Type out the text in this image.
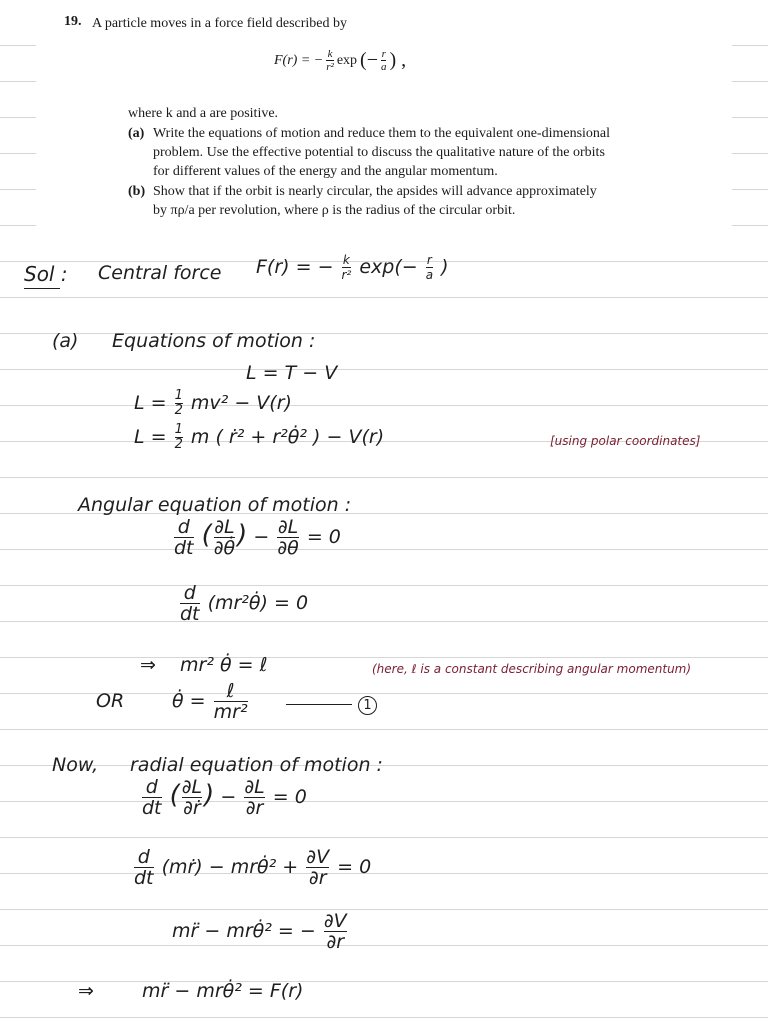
19. A particle moves in a force field described by
F(r) = − $\frac{k}{\text{r²}}$ exp (− $\frac{r}{a}$ ) ,
where k and a are positive.
(a) Write the equations of motion and reduce them to the equivalent one-dimensional
problem. Use the effective potential to discuss the qualitative nature of the orbits
for different values of the energy and the angular momentum.
(b) Show that if the orbit is nearly circular, the apsides will advance approximately
by πρ/a per revolution, where ρ is the radius of the circular orbit.
Sol : Central force F(r) = − $\frac{k}{\text{r²}} \exp(- \frac{r}{a}$ )
(a) Equations of motion :
L = T − V
$L = \frac{1}{2} mv^2 - V(r)$
$L = \frac{1}{2}$ m ( ṙ² + r²θ̇² ) − V(r)	[using polar coordinates]
Angular equation of motion :
$\frac{d}{dt}$ ( $\frac{\partial L}{\partial\thetȧ}$ ) − $\frac{\partial L}{\partial\theta} = 0$
$\frac{d}{dt}$ (mr²θ̇) = 0
⇒ mr² θ̇ = ℓ	(here, ℓ is a constant describing angular momentum)
OR	θ̇ = $\frac{\text{ℓ}}{\text{mr²}}$	1
Now, radial equation of motion :
$\frac{d}{dt}$ ( $\frac{\partial L}{\text{∂ṙ}}$ ) − $\frac{\partial L}{\partial r} = 0$
$\frac{d}{dt}$ (mṙ) − mrθ̇² + $\frac{\partial V}{\partial r} = 0$
mr̈ − mrθ̇² = − $\frac{\partial V}{\partial r}$
⇒	mr̈ − mrθ̇² = F(r)
